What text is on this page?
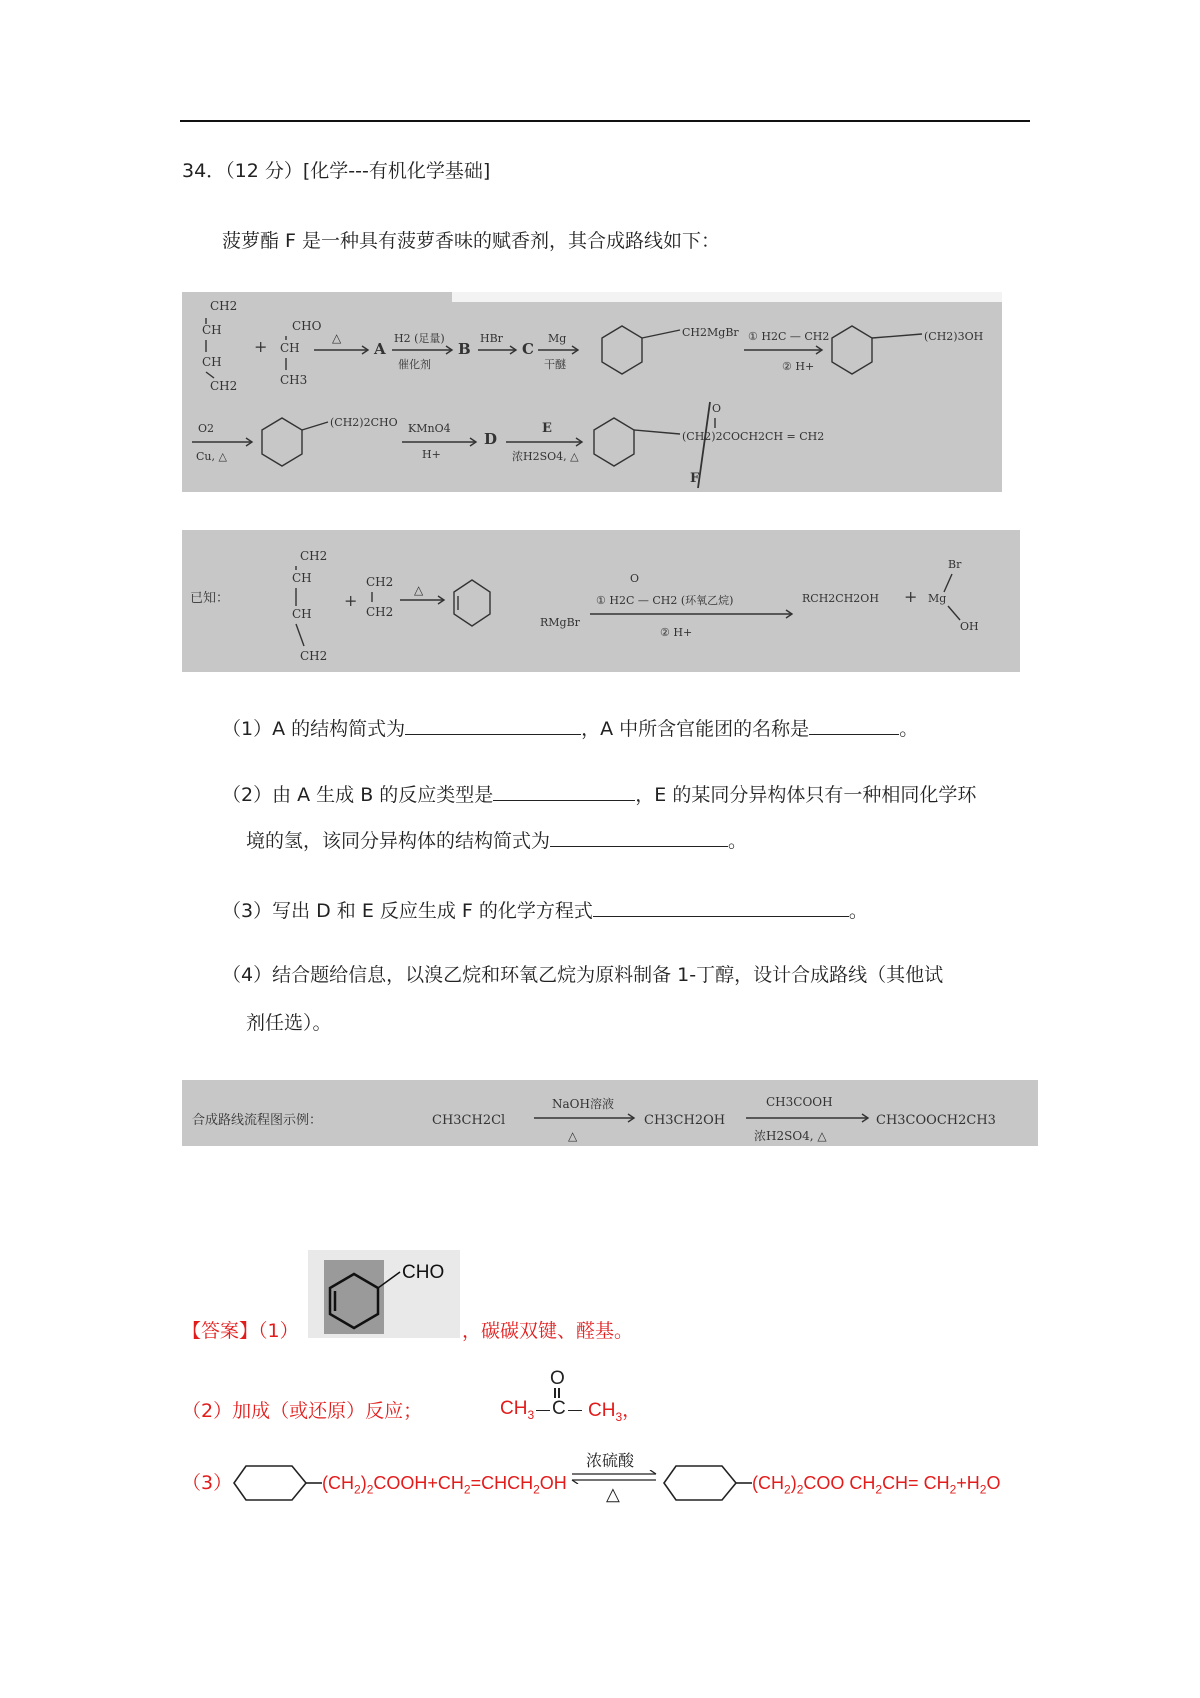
34．（12 分）[化学---有机化学基础]
菠萝酯 F 是一种具有菠萝香味的赋香剂，其合成路线如下：
CH2
CH
CH
CH2
+
CHO
CH
CH3
△
A
H2 (足量)
催化剂
B
HBr
C
Mg
干醚
CH2MgBr ① H2C — CH2
② H+
(CH2)3OH
O2
Cu, △
(CH2)2CHO KMnO4
H+
D
E
浓H2SO4, △
(CH2)2COCH2CH = CH2
F
O
已知：
CH2
CH
CH
CH2
+
CH2
CH2
△
RMgBr
① H2C — CH2 (环氧乙烷)
② H+
RCH2CH2OH +
Br
Mg
OH
O
（1）A 的结构简式为	，A 中所含官能团的名称是	。
（2）由 A 生成 B 的反应类型是	，E 的某同分异构体只有一种相同化学环
境的氢，该同分异构体的结构简式为	。
（3）写出 D 和 E 反应生成 F 的化学方程式	。
（4）结合题给信息，以溴乙烷和环氧乙烷为原料制备 1-丁醇，设计合成路线（其他试
剂任选）。
合成路线流程图示例：	CH3CH2Cl
NaOH溶液
△
CH3CH2OH
CH3COOH
浓H2SO4, △
CH3COOCH2CH3
【答案】（1）
CHO
，碳碳双键、醛基。
（2）加成（或还原）反应；	$CH_3$
O
C $CH_3$，
（3）	$(CH_2)_2COOH+CH_2=CHCH_2OH$
浓硫酸
△
$(CH_2)_2COO$ $CH_2CH= CH_2+H_2O$
